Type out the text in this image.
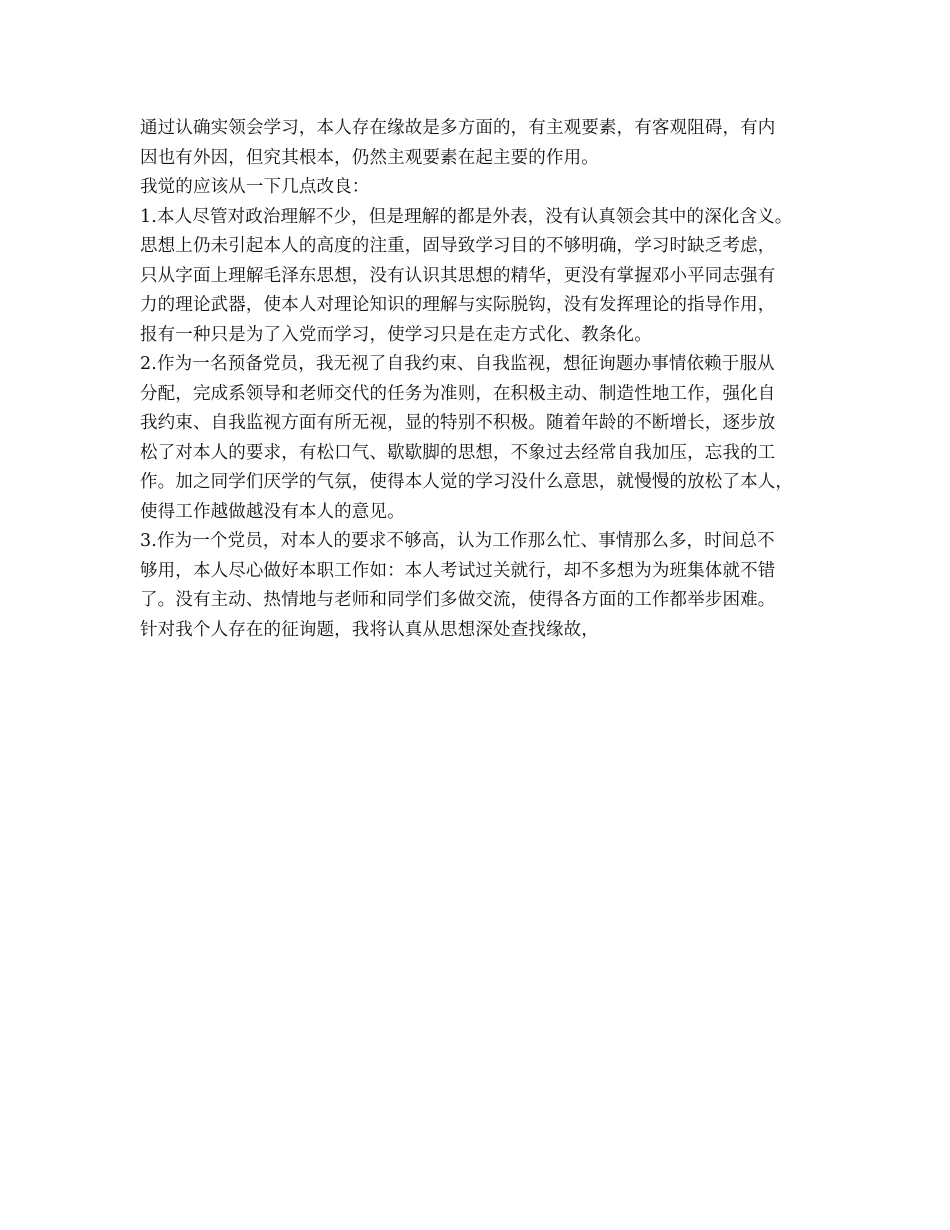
通过认确实领会学习，本人存在缘故是多方面的，有主观要素，有客观阻碍，有内
因也有外因，但究其根本，仍然主观要素在起主要的作用。
我觉的应该从一下几点改良：
1.本人尽管对政治理解不少，但是理解的都是外表，没有认真领会其中的深化含义。
思想上仍未引起本人的高度的注重，固导致学习目的不够明确，学习时缺乏考虑，
只从字面上理解毛泽东思想，没有认识其思想的精华，更没有掌握邓小平同志强有
力的理论武器，使本人对理论知识的理解与实际脱钩，没有发挥理论的指导作用，
报有一种只是为了入党而学习，使学习只是在走方式化、教条化。
2.作为一名预备党员，我无视了自我约束、自我监视，想征询题办事情依赖于服从
分配，完成系领导和老师交代的任务为准则，在积极主动、制造性地工作，强化自
我约束、自我监视方面有所无视，显的特别不积极。随着年龄的不断增长，逐步放
松了对本人的要求，有松口气、歇歇脚的思想，不象过去经常自我加压，忘我的工
作。加之同学们厌学的气氛，使得本人觉的学习没什么意思，就慢慢的放松了本人，
使得工作越做越没有本人的意见。
3.作为一个党员，对本人的要求不够高，认为工作那么忙、事情那么多，时间总不
够用，本人尽心做好本职工作如：本人考试过关就行，却不多想为为班集体就不错
了。没有主动、热情地与老师和同学们多做交流，使得各方面的工作都举步困难。
针对我个人存在的征询题，我将认真从思想深处查找缘故，
